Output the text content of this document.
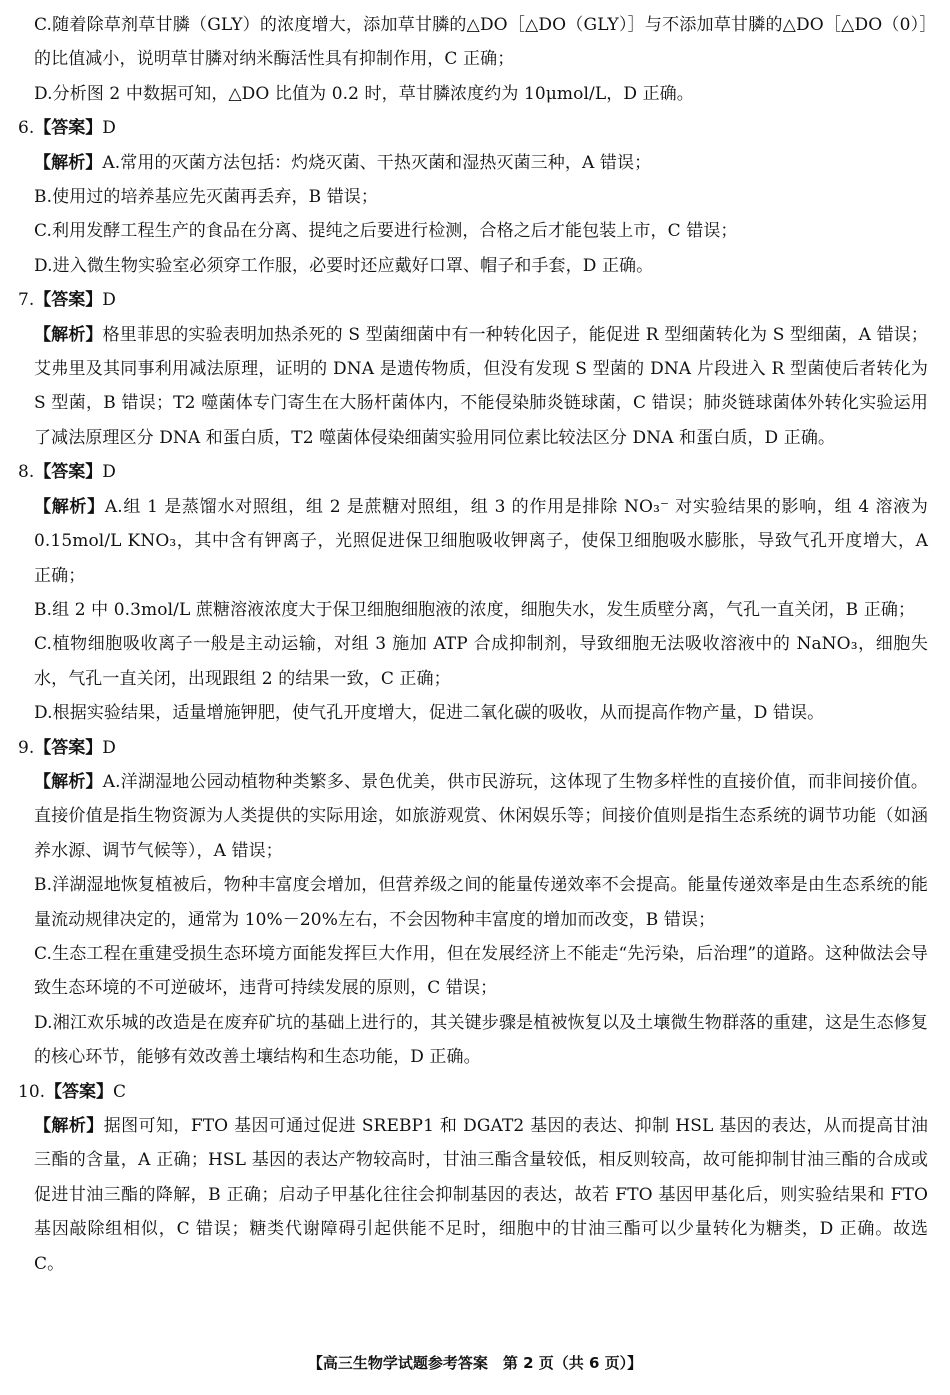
C.随着除草剂草甘膦（GLY）的浓度增大，添加草甘膦的△DO［△DO（GLY）］与不添加草甘膦的△DO［△DO（0）］的比值减小，说明草甘膦对纳米酶活性具有抑制作用，C 正确；

D.分析图 2 中数据可知，△DO 比值为 0.2 时，草甘膦浓度约为 10μmol/L，D 正确。

6.【答案】D

【解析】A.常用的灭菌方法包括：灼烧灭菌、干热灭菌和湿热灭菌三种，A 错误；

B.使用过的培养基应先灭菌再丢弃，B 错误；

C.利用发酵工程生产的食品在分离、提纯之后要进行检测，合格之后才能包装上市，C 错误；

D.进入微生物实验室必须穿工作服，必要时还应戴好口罩、帽子和手套，D 正确。

7.【答案】D

【解析】格里菲思的实验表明加热杀死的 S 型菌细菌中有一种转化因子，能促进 R 型细菌转化为 S 型细菌，A 错误；艾弗里及其同事利用减法原理，证明的 DNA 是遗传物质，但没有发现 S 型菌的 DNA 片段进入 R 型菌使后者转化为 S 型菌，B 错误；T2 噬菌体专门寄生在大肠杆菌体内，不能侵染肺炎链球菌，C 错误；肺炎链球菌体外转化实验运用了减法原理区分 DNA 和蛋白质，T2 噬菌体侵染细菌实验用同位素比较法区分 DNA 和蛋白质，D 正确。

8.【答案】D

【解析】A.组 1 是蒸馏水对照组，组 2 是蔗糖对照组，组 3 的作用是排除 NO₃⁻ 对实验结果的影响，组 4 溶液为 0.15mol/L KNO₃，其中含有钾离子，光照促进保卫细胞吸收钾离子，使保卫细胞吸水膨胀，导致气孔开度增大，A 正确；

B.组 2 中 0.3mol/L 蔗糖溶液浓度大于保卫细胞细胞液的浓度，细胞失水，发生质壁分离，气孔一直关闭，B 正确；

C.植物细胞吸收离子一般是主动运输，对组 3 施加 ATP 合成抑制剂，导致细胞无法吸收溶液中的 NaNO₃，细胞失水，气孔一直关闭，出现跟组 2 的结果一致，C 正确；

D.根据实验结果，适量增施钾肥，使气孔开度增大，促进二氧化碳的吸收，从而提高作物产量，D 错误。

9.【答案】D

【解析】A.洋湖湿地公园动植物种类繁多、景色优美，供市民游玩，这体现了生物多样性的直接价值，而非间接价值。直接价值是指生物资源为人类提供的实际用途，如旅游观赏、休闲娱乐等；间接价值则是指生态系统的调节功能（如涵养水源、调节气候等），A 错误；

B.洋湖湿地恢复植被后，物种丰富度会增加，但营养级之间的能量传递效率不会提高。能量传递效率是由生态系统的能量流动规律决定的，通常为 10%－20%左右，不会因物种丰富度的增加而改变，B 错误；

C.生态工程在重建受损生态环境方面能发挥巨大作用，但在发展经济上不能走“先污染，后治理”的道路。这种做法会导致生态环境的不可逆破坏，违背可持续发展的原则，C 错误；

D.湘江欢乐城的改造是在废弃矿坑的基础上进行的，其关键步骤是植被恢复以及土壤微生物群落的重建，这是生态修复的核心环节，能够有效改善土壤结构和生态功能，D 正确。

10.【答案】C

【解析】据图可知，FTO 基因可通过促进 SREBP1 和 DGAT2 基因的表达、抑制 HSL 基因的表达，从而提高甘油三酯的含量，A 正确；HSL 基因的表达产物较高时，甘油三酯含量较低，相反则较高，故可能抑制甘油三酯的合成或促进甘油三酯的降解，B 正确；启动子甲基化往往会抑制基因的表达，故若 FTO 基因甲基化后，则实验结果和 FTO 基因敲除组相似，C 错误；糖类代谢障碍引起供能不足时，细胞中的甘油三酯可以少量转化为糖类，D 正确。故选 C。

【高三生物学试题参考答案　第 2 页（共 6 页）】
